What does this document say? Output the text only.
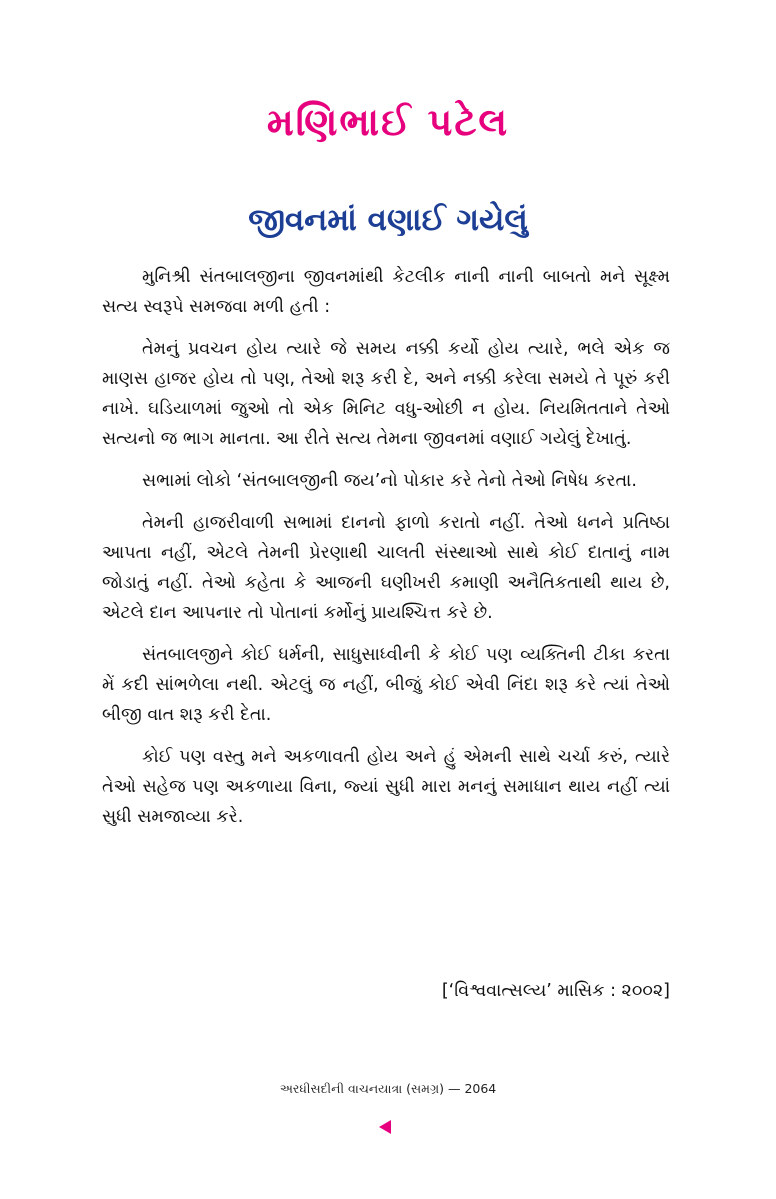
મણિભાઈ પટેલ
જીવનમાં વણાઈ ગયેલું

મુનિશ્રી સંતબાલજીના જીવનમાંથી કેટલીક નાની નાની બાબતો મને સૂક્ષ્મ સત્ય સ્વરૂપે સમજવા મળી હતી :

તેમનું પ્રવચન હોય ત્યારે જે સમય નક્કી કર્યો હોય ત્યારે, ભલે એક જ માણસ હાજર હોય તો પણ, તેઓ શરૂ કરી દે, અને નક્કી કરેલા સમયે તે પૂરું કરી નાખે. ઘડિયાળમાં જુઓ તો એક મિનિટ વધુ-ઓછી ન હોય. નિયમિતતાને તેઓ સત્યનો જ ભાગ માનતા. આ રીતે સત્ય તેમના જીવનમાં વણાઈ ગયેલું દેખાતું.

સભામાં લોકો ‘સંતબાલજીની જય’નો પોકાર કરે તેનો તેઓ નિષેધ કરતા.

તેમની હાજરીવાળી સભામાં દાનનો ફાળો કરાતો નહીં. તેઓ ધનને પ્રતિષ્ઠા આપતા નહીં, એટલે તેમની પ્રેરણાથી ચાલતી સંસ્થાઓ સાથે કોઈ દાતાનું નામ જોડાતું નહીં. તેઓ કહેતા કે આજની ઘણીખરી કમાણી અનૈતિકતાથી થાય છે, એટલે દાન આપનાર તો પોતાનાં કર્મોનું પ્રાયશ્ચિત્ત કરે છે.

સંતબાલજીને કોઈ ધર્મની, સાધુસાધ્વીની કે કોઈ પણ વ્યક્તિની ટીકા કરતા મેં કદી સાંભળેલા નથી. એટલું જ નહીં, બીજું કોઈ એવી નિંદા શરૂ કરે ત્યાં તેઓ બીજી વાત શરૂ કરી દેતા.

કોઈ પણ વસ્તુ મને અકળાવતી હોય અને હું એમની સાથે ચર્ચા કરું, ત્યારે તેઓ સહેજ પણ અકળાયા વિના, જ્યાં સુધી મારા મનનું સમાધાન થાય નહીં ત્યાં સુધી સમજાવ્યા કરે.

[‘વિશ્વવાત્સલ્ય’ માસિક : ૨૦૦૨]
અરધીસદીની વાચનયાત્રા (સમગ્ર) — 2064
